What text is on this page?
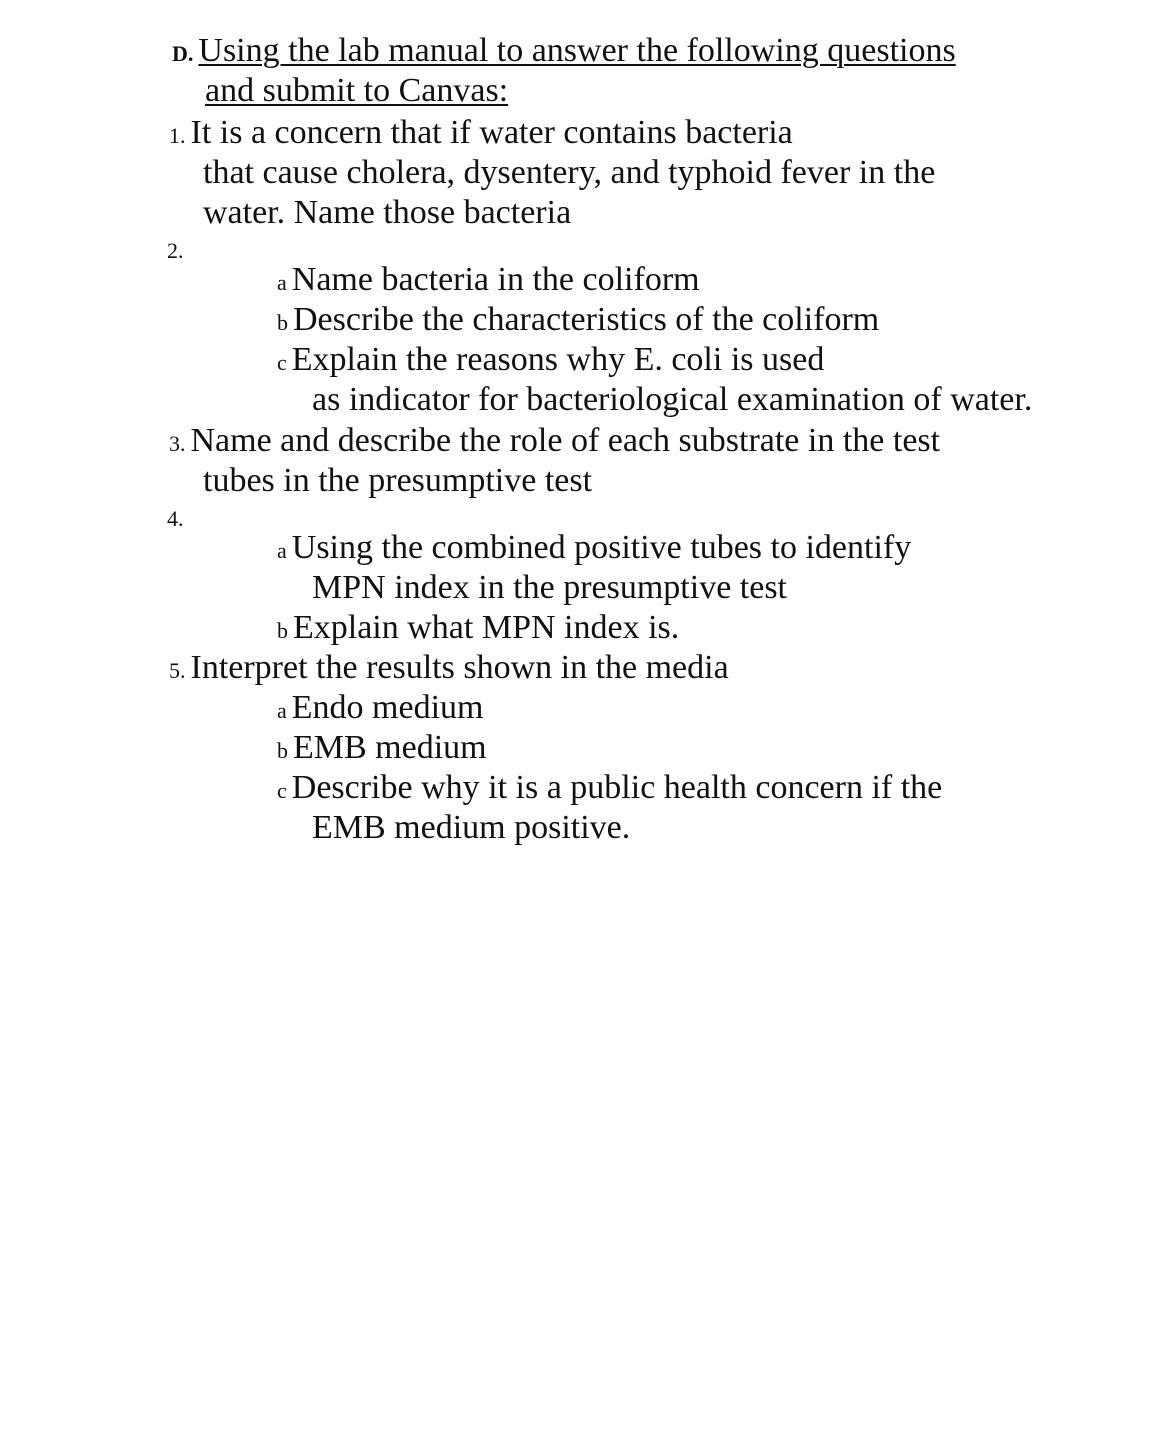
D. Using the lab manual to answer the following questions
and submit to Canvas:
1. It is a concern that if water contains bacteria
that cause cholera, dysentery, and typhoid fever in the
water. Name those bacteria
2.
a Name bacteria in the coliform
b Describe the characteristics of the coliform
c Explain the reasons why E. coli is used
as indicator for bacteriological examination of water.
3. Name and describe the role of each substrate in the test
tubes in the presumptive test
4.
a Using the combined positive tubes to identify
MPN index in the presumptive test
b Explain what MPN index is.
5. Interpret the results shown in the media
a Endo medium
b EMB medium
c Describe why it is a public health concern if the
EMB medium positive.
